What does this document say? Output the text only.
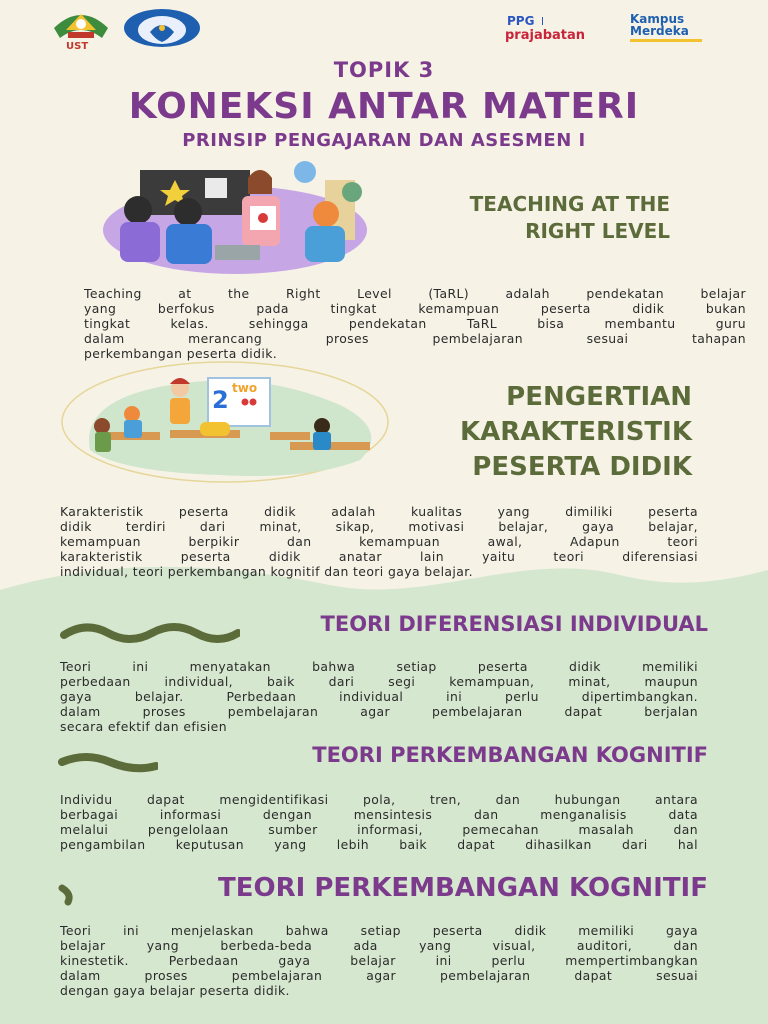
UST
PPG
prajabatan
Kampus
Merdeka
TOPIK 3
KONEKSI ANTAR MATERI
PRINSIP PENGAJARAN DAN ASESMEN I
TEACHING AT THE
RIGHT LEVEL
Teaching at the Right Level (TaRL) adalah pendekatan belajar
yang berfokus pada tingkat kemampuan peserta didik bukan
tingkat kelas. sehingga pendekatan TaRL bisa membantu guru
dalam merancang proses pembelajaran sesuai tahapan
perkembangan peserta didik.
2 two	PENGERTIAN
KARAKTERISTIK
PESERTA DIDIK
Karakteristik peserta didik adalah kualitas yang dimiliki peserta
didik terdiri dari minat, sikap, motivasi belajar, gaya belajar,
kemampuan berpikir dan kemampuan awal, Adapun teori
karakteristik peserta didik anatar lain yaitu teori diferensiasi
individual, teori perkembangan kognitif dan teori gaya belajar.
TEORI DIFERENSIASI INDIVIDUAL
Teori ini menyatakan bahwa setiap peserta didik memiliki
perbedaan individual, baik dari segi kemampuan, minat, maupun
gaya belajar. Perbedaan individual ini perlu dipertimbangkan.
dalam proses pembelajaran agar pembelajaran dapat berjalan
secara efektif dan efisien
TEORI PERKEMBANGAN KOGNITIF
Individu dapat mengidentifikasi pola, tren, dan hubungan antara
berbagai informasi dengan mensintesis dan menganalisis data
melalui pengelolaan sumber informasi, pemecahan masalah dan
pengambilan keputusan yang lebih baik dapat dihasilkan dari hal
TEORI PERKEMBANGAN KOGNITIF
Teori ini menjelaskan bahwa setiap peserta didik memiliki gaya
belajar yang berbeda-beda ada yang visual, auditori, dan
kinestetik. Perbedaan gaya belajar ini perlu mempertimbangkan
dalam proses pembelajaran agar pembelajaran dapat sesuai
dengan gaya belajar peserta didik.
